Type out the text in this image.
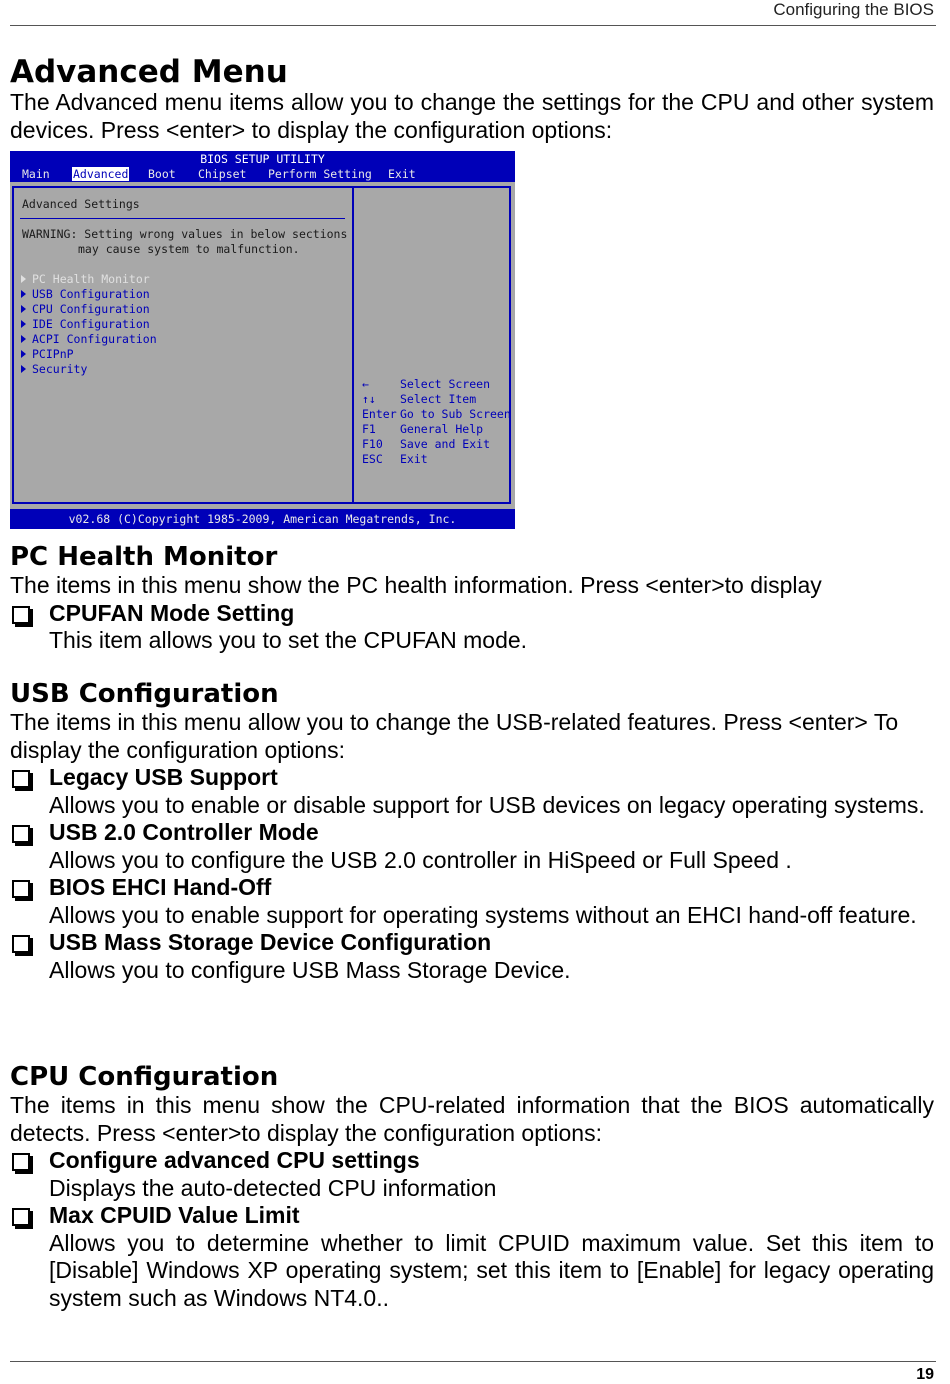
Configuring the BIOS
Advanced Menu

The Advanced menu items allow you to change the settings for the CPU and other system devices. Press <enter> to display the configuration options:

BIOS SETUP UTILITY
Main Advanced Boot Chipset Perform Setting Exit
Advanced Settings
WARNING: Setting wrong values in below sections
may cause system to malfunction.
PC Health Monitor
USB Configuration
CPU Configuration
IDE Configuration
ACPI Configuration
PCIPnP
Security
←	Select Screen
↑↓ Select Item
Enter Go to Sub Screen
F1 General Help
F10 Save and Exit
ESC Exit
v02.68 (C)Copyright 1985-2009, American Megatrends, Inc.
PC Health Monitor

The items in this menu show the PC health information. Press <enter>to display

CPUFAN Mode Setting
This item allows you to set the CPUFAN mode.
USB Configuration

The items in this menu allow you to change the USB-related features. Press <enter> To display the configuration options:

Legacy USB Support
Allows you to enable or disable support for USB devices on legacy operating systems.
USB 2.0 Controller Mode
Allows you to configure the USB 2.0 controller in HiSpeed or Full Speed .
BIOS EHCI Hand-Off
Allows you to enable support for operating systems without an EHCI hand-off feature.
USB Mass Storage Device Configuration
Allows you to configure USB Mass Storage Device.
CPU Configuration

The items in this menu show the CPU-related information that the BIOS automatically detects. Press <enter>to display the configuration options:

Configure advanced CPU settings
Displays the auto-detected CPU information
Max CPUID Value Limit
Allows you to determine whether to limit CPUID maximum value. Set this item to [Disable] Windows XP operating system; set this item to [Enable] for legacy operating system such as Windows NT4.0..
19
